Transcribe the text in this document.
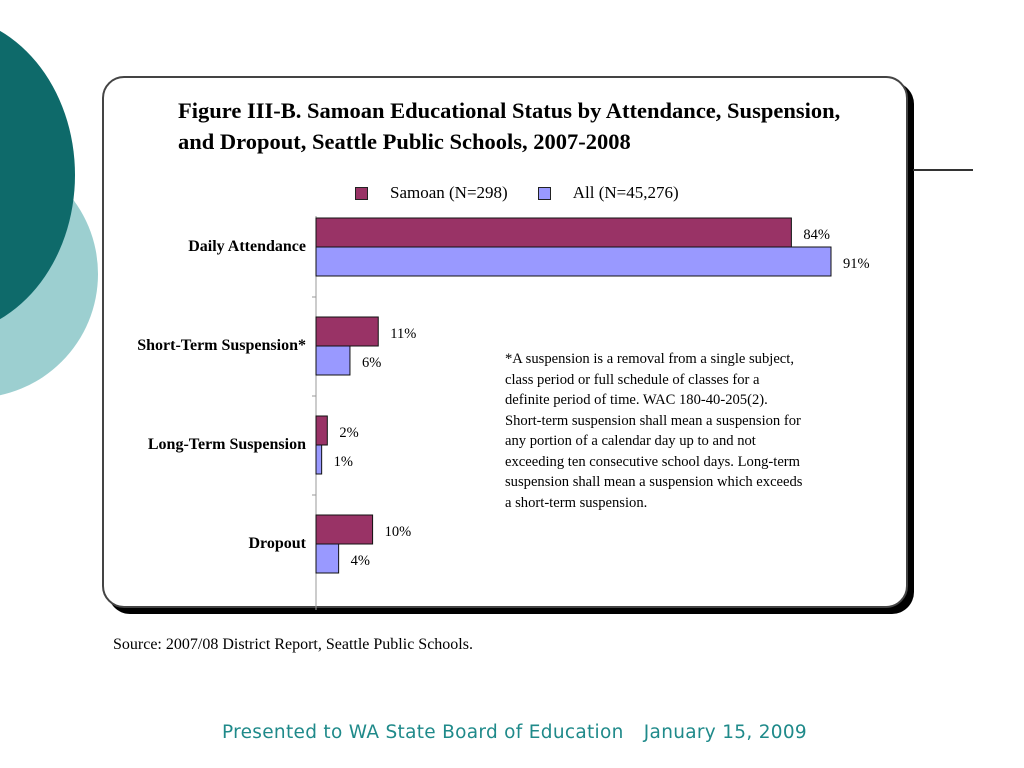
Figure III-B. Samoan Educational Status by Attendance, Suspension, and Dropout, Seattle Public Schools, 2007-2008
Samoan (N=298)	All (N=45,276)
Daily Attendance
84%
91%
Short-Term Suspension*
11%
6%
Long-Term Suspension
2%
1%
Dropout
10%
4%

*A suspension is a removal from a single subject, class period or full schedule of classes for a definite period of time. WAC 180-40-205(2). Short-term suspension shall mean a suspension for any portion of a calendar day up to and not exceeding ten consecutive school days. Long-term suspension shall mean a suspension which exceeds a short-term suspension.

Source: 2007/08 District Report, Seattle Public Schools.
Presented to WA State Board of Education January 15, 2009
